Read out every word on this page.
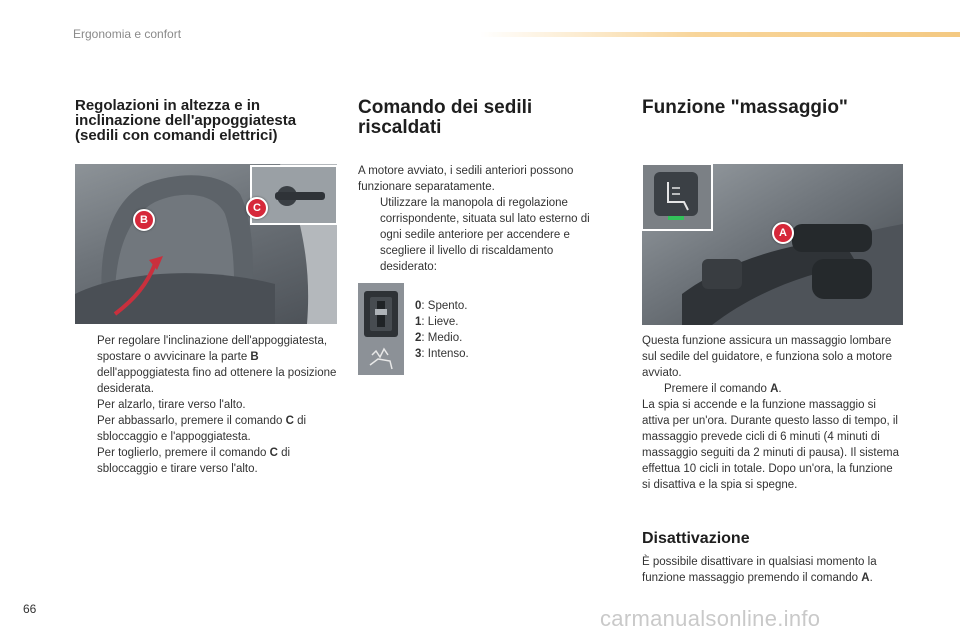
Ergonomia e confort
Regolazioni in altezza e in inclinazione dell'appoggiatesta (sedili con comandi elettrici)
B
C
Per regolare l'inclinazione dell'appoggiatesta, spostare o avvicinare la parte B dell'appoggiatesta fino ad ottenere la posizione desiderata.
Per alzarlo, tirare verso l'alto.
Per abbassarlo, premere il comando C di sbloccaggio e l'appoggiatesta.
Per toglierlo, premere il comando C di sbloccaggio e tirare verso l'alto.
Comando dei sedili riscaldati

A motore avviato, i sedili anteriori possono funzionare separatamente.

Utilizzare la manopola di regolazione corrispondente, situata sul lato esterno di ogni sedile anteriore per accendere e scegliere il livello di riscaldamento desiderato:
0: Spento.
1: Lieve.
2: Medio.
3: Intenso.
Funzione "massaggio"
A

Questa funzione assicura un massaggio lombare sul sedile del guidatore, e funziona solo a motore avviato.

Premere il comando A.

La spia si accende e la funzione massaggio si attiva per un'ora. Durante questo lasso di tempo, il massaggio prevede cicli di 6 minuti (4 minuti di massaggio seguiti da 2 minuti di pausa). Il sistema effettua 10 cicli in totale. Dopo un'ora, la funzione si disattiva e la spia si spegne.

Disattivazione

È possibile disattivare in qualsiasi momento la funzione massaggio premendo il comando A.

66	carmanualsonline.info
